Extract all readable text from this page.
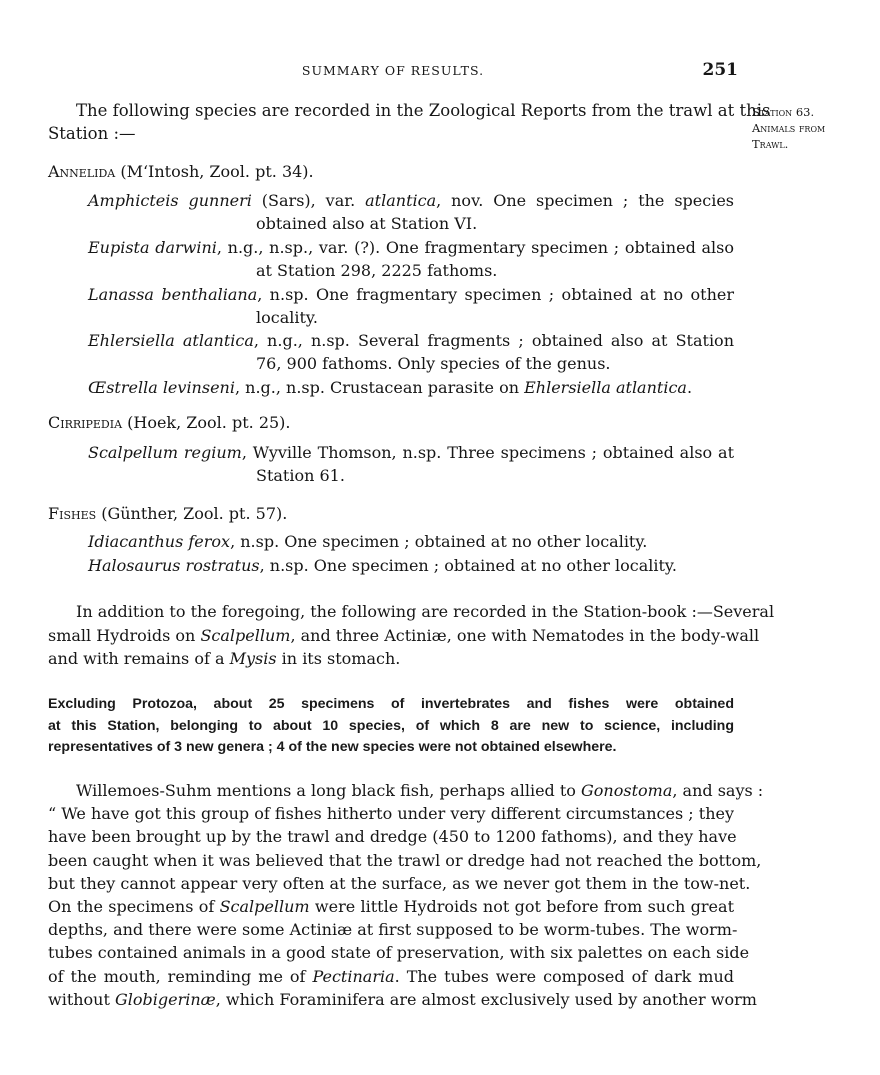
SUMMARY OF RESULTS.	251
Station 63.
Animals from
Trawl.
The following species are recorded in the Zoological Reports from the trawl at this
Station :—
Annelida (M‘Intosh, Zool. pt. 34).
Amphicteis gunneri (Sars), var. atlantica, nov. One specimen ; the species
obtained also at Station VI.
Eupista darwini, n.g., n.sp., var. (?). One fragmentary specimen ; obtained also
at Station 298, 2225 fathoms.
Lanassa benthaliana, n.sp. One fragmentary specimen ; obtained at no other
locality.
Ehlersiella atlantica, n.g., n.sp. Several fragments ; obtained also at Station
76, 900 fathoms. Only species of the genus.
Œstrella levinseni, n.g., n.sp. Crustacean parasite on Ehlersiella atlantica.
Cirripedia (Hoek, Zool. pt. 25).
Scalpellum regium, Wyville Thomson, n.sp. Three specimens ; obtained also at
Station 61.
Fishes (Günther, Zool. pt. 57).
Idiacanthus ferox, n.sp. One specimen ; obtained at no other locality.
Halosaurus rostratus, n.sp. One specimen ; obtained at no other locality.
In addition to the foregoing, the following are recorded in the Station-book :—Several
small Hydroids on Scalpellum, and three Actiniæ, one with Nematodes in the body-wall
and with remains of a Mysis in its stomach.
Excluding Protozoa, about 25 specimens of invertebrates and fishes were obtained
at this Station, belonging to about 10 species, of which 8 are new to science, including
representatives of 3 new genera ; 4 of the new species were not obtained elsewhere.
Willemoes-Suhm mentions a long black fish, perhaps allied to Gonostoma, and says :
“ We have got this group of fishes hitherto under very different circumstances ; they
have been brought up by the trawl and dredge (450 to 1200 fathoms), and they have
been caught when it was believed that the trawl or dredge had not reached the bottom,
but they cannot appear very often at the surface, as we never got them in the tow-net.
On the specimens of Scalpellum were little Hydroids not got before from such great
depths, and there were some Actiniæ at first supposed to be worm-tubes. The worm-
tubes contained animals in a good state of preservation, with six palettes on each side
of the mouth, reminding me of Pectinaria. The tubes were composed of dark mud
without Globigerinæ, which Foraminifera are almost exclusively used by another worm
